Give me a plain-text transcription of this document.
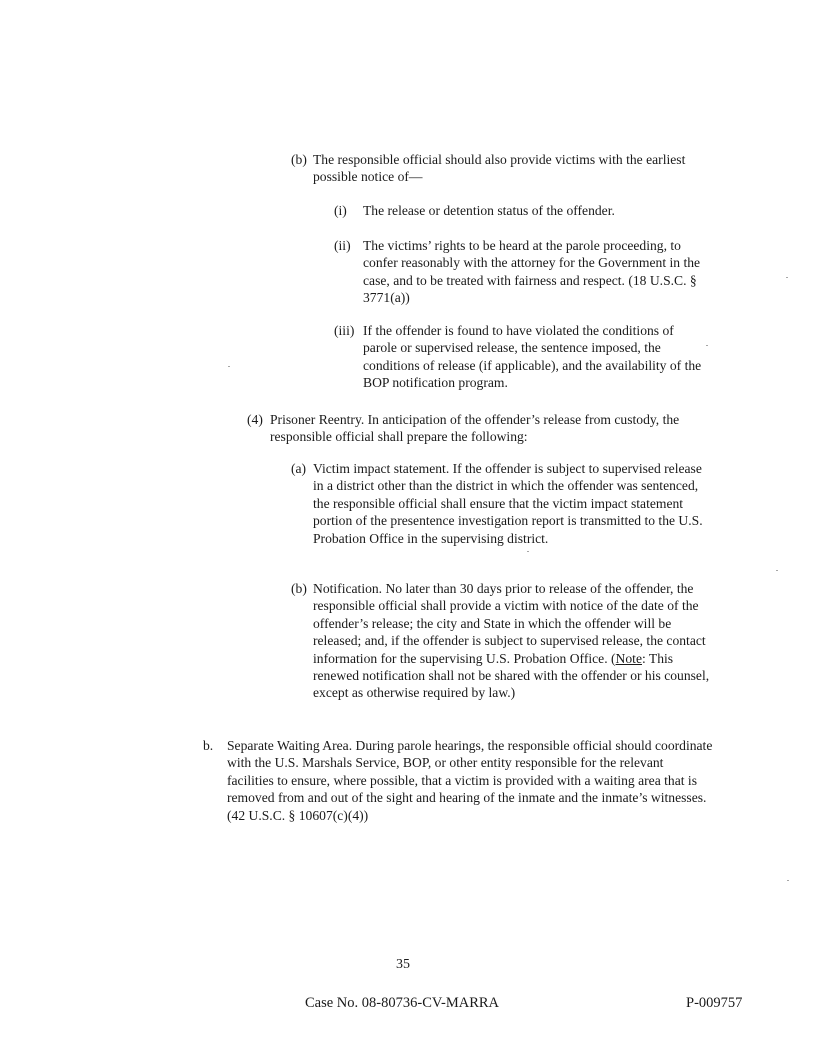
(b) The responsible official should also provide victims with the earliest possible notice of—
(i)	The release or detention status of the offender.
(ii) The victims’ rights to be heard at the parole proceeding, to confer reasonably with the attorney for the Government in the case, and to be treated with fairness and respect. (18 U.S.C. § 3771(a))
(iii) If the offender is found to have violated the conditions of parole or supervised release, the sentence imposed, the conditions of release (if applicable), and the availability of the BOP notification program.
(4) Prisoner Reentry. In anticipation of the offender’s release from custody, the responsible official shall prepare the following:
(a) Victim impact statement. If the offender is subject to supervised release in a district other than the district in which the offender was sentenced, the responsible official shall ensure that the victim impact statement portion of the presentence investigation report is transmitted to the U.S. Probation Office in the supervising district.
(b) Notification. No later than 30 days prior to release of the offender, the responsible official shall provide a victim with notice of the date of the offender’s release; the city and State in which the offender will be released; and, if the offender is subject to supervised release, the contact information for the supervising U.S. Probation Office. (Note: This renewed notification shall not be shared with the offender or his counsel, except as otherwise required by law.)
b.	Separate Waiting Area. During parole hearings, the responsible official should coordinate with the U.S. Marshals Service, BOP, or other entity responsible for the relevant facilities to ensure, where possible, that a victim is provided with a waiting area that is removed from and out of the sight and hearing of the inmate and the inmate’s witnesses. (42 U.S.C. § 10607(c)(4))
35
Case No. 08-80736-CV-MARRA	P-009757
